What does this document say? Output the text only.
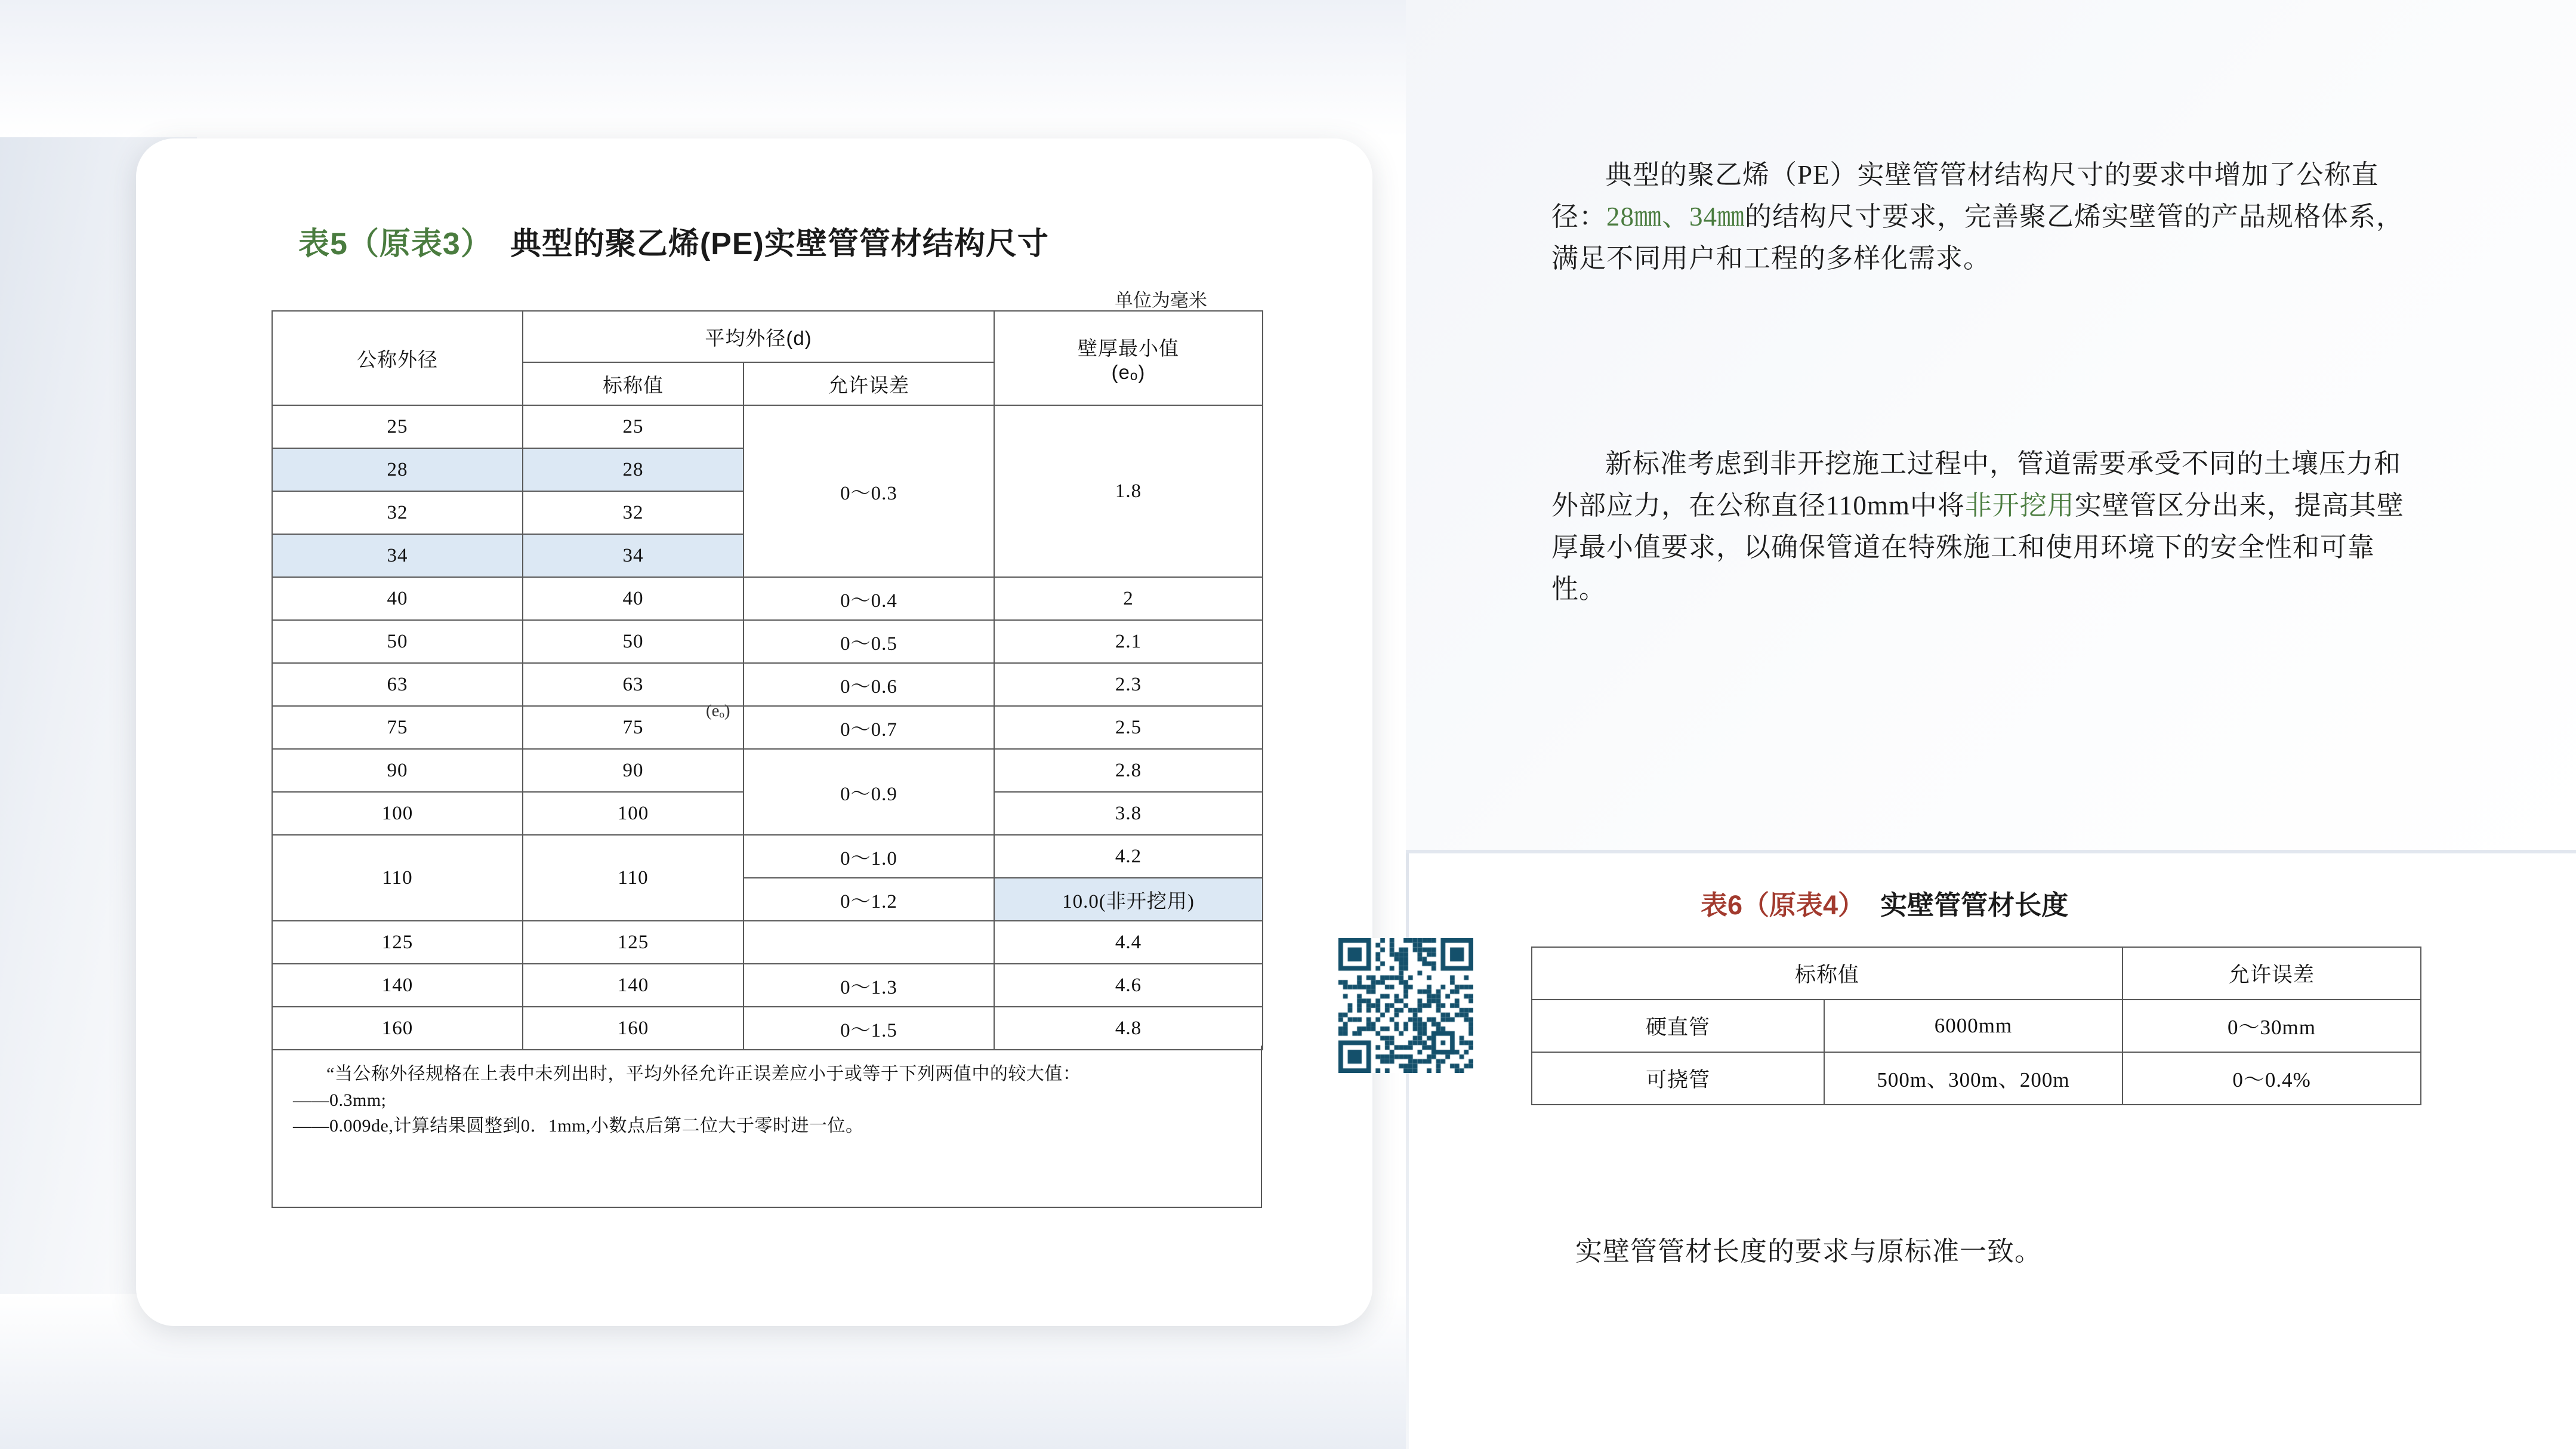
表5（原表3） 典型的聚乙烯(PE)实壁管管材结构尺寸
单位为毫米
公称外径	平均外径(d)		壁厚最小值
(eₒ)

	标称值	允许误差	
25	25	0～0.3	1.8
28	28		
32	32		
34	34		
40	40	0～0.4	2
50	50	0～0.5	2.1
63	63	0～0.6	2.3
75	75	0～0.7	2.5
90	90	0～0.9	2.8
100	100		3.8
110	110	0～1.0	4.2
		0～1.2	10.0(非开挖用)
125	125		4.4
140	140	0～1.3	4.6
160	160	0～1.5	4.8
(eₒ)

“当公称外径规格在上表中未列出时，平均外径允许正误差应小于或等于下列两值中的较大值：

——0.3mm;

——0.009de,计算结果圆整到0．1mm,小数点后第二位大于零时进一位。

典型的聚乙烯（PE）实壁管管材结构尺寸的要求中增加了公称直径：28㎜、34㎜的结构尺寸要求，完善聚乙烯实壁管的产品规格体系，满足不同用户和工程的多样化需求。
新标准考虑到非开挖施工过程中，管道需要承受不同的土壤压力和外部应力，在公称直径110mm中将非开挖用实壁管区分出来，提高其壁厚最小值要求，以确保管道在特殊施工和使用环境下的安全性和可靠性。
表6（原表4） 实壁管管材长度
标称值		允许误差
硬直管	6000mm	0～30mm
可挠管	500m、300m、200m	0～0.4%
实壁管管材长度的要求与原标准一致。
